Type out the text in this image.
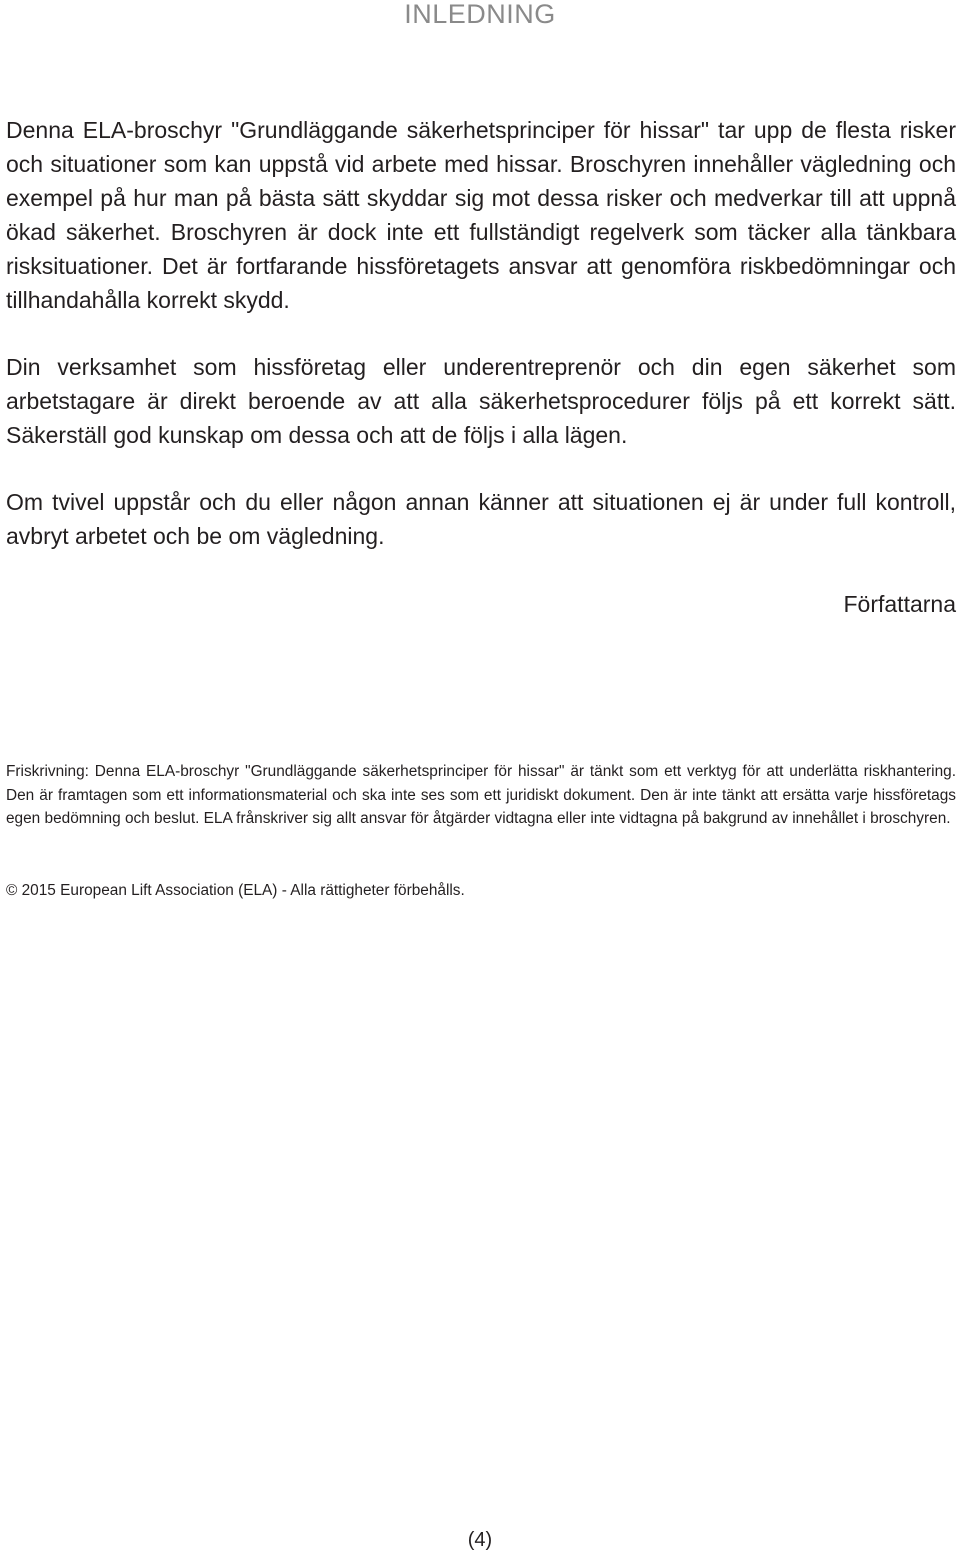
INLEDNING

Denna ELA-broschyr "Grundläggande säkerhetsprinciper för hissar" tar upp de flesta risker och situationer som kan uppstå vid arbete med hissar. Broschyren innehåller vägledning och exempel på hur man på bästa sätt skyddar sig mot dessa risker och medverkar till att uppnå ökad säkerhet. Broschyren är dock inte ett fullständigt regelverk som täcker alla tänkbara risksituationer. Det är fortfarande hissföretagets ansvar att genomföra riskbedömningar och tillhandahålla korrekt skydd.

Din verksamhet som hissföretag eller underentreprenör och din egen säkerhet som arbetstagare är direkt beroende av att alla säkerhetsprocedurer följs på ett korrekt sätt. Säkerställ god kunskap om dessa och att de följs i alla lägen.

Om tvivel uppstår och du eller någon annan känner att situationen ej är under full kontroll, avbryt arbetet och be om vägledning.

Författarna

Friskrivning: Denna ELA-broschyr "Grundläggande säkerhetsprinciper för hissar" är tänkt som ett verktyg för att underlätta riskhantering. Den är framtagen som ett informationsmaterial och ska inte ses som ett juridiskt dokument. Den är inte tänkt att ersätta varje hissföretags egen bedömning och beslut. ELA frånskriver sig allt ansvar för åtgärder vidtagna eller inte vidtagna på bakgrund av innehållet i broschyren.

© 2015 European Lift Association (ELA) - Alla rättigheter förbehålls.

(4)
